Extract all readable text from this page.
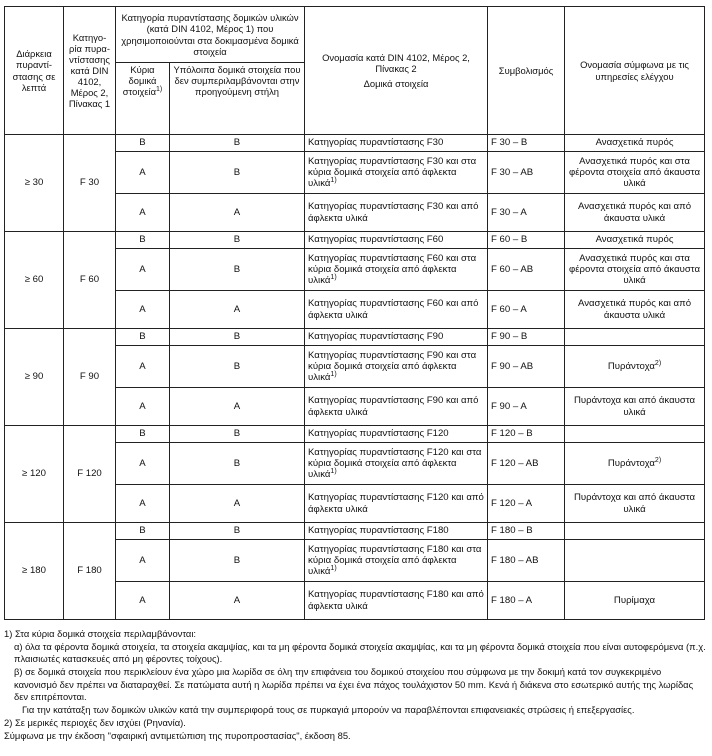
Διάρκεια πυραντί-στασης σε λεπτά	Κατηγο-ρία πυρα-ντίστασης κατά DIN 4102, Μέρος 2, Πίνακας 1	Κατηγορία πυραντίστασης δομικών υλικών (κατά DIN 4102, Μέρος 1) που χρησιμοποιούνται στα δοκιμασμένα δομικά στοιχεία		Ονομασία κατά DIN 4102, Μέρος 2, Πίνακας 2
Δομικά στοιχεία	Συμβολισμός	Ονομασία σύμφωνα με τις υπηρεσίες ελέγχου
		Κύρια δομικά στοιχεία$^{1)}$	Υπόλοιπα δομικά στοιχεία που δεν συμπεριλαμβάνονται στην προηγούμενη στήλη			
≥ 30	F 30	B	B	Κατηγορίας πυραντίστασης F30	F 30 – B	Ανασχετικά πυρός
		A	B	Κατηγορίας πυραντίστασης F30 και στα κύρια δομικά στοιχεία από άφλεκτα υλικά$^{1)}$	F 30 – AB	Ανασχετικά πυρός και στα φέροντα στοιχεία από άκαυστα υλικά
		A	A	Κατηγορίας πυραντίστασης F30 και από άφλεκτα υλικά	F 30 – A	Ανασχετικά πυρός και από άκαυστα υλικά
≥ 60	F 60	B	B	Κατηγορίας πυραντίστασης F60	F 60 – B	Ανασχετικά πυρός
		A	B	Κατηγορίας πυραντίστασης F60 και στα κύρια δομικά στοιχεία από άφλεκτα υλικά$^{1)}$	F 60 – AB	Ανασχετικά πυρός και στα φέροντα στοιχεία από άκαυστα υλικά
		A	A	Κατηγορίας πυραντίστασης F60 και από άφλεκτα υλικά	F 60 – A	Ανασχετικά πυρός και από άκαυστα υλικά
≥ 90	F 90	B	B	Κατηγορίας πυραντίστασης F90	F 90 – B	
		A	B	Κατηγορίας πυραντίστασης F90 και στα κύρια δομικά στοιχεία από άφλεκτα υλικά$^{1)}$	F 90 – AB	Πυράντοχα$^{2)}$
		A	A	Κατηγορίας πυραντίστασης F90 και από άφλεκτα υλικά	F 90 – A	Πυράντοχα και από άκαυστα υλικά
≥ 120	F 120	B	B	Κατηγορίας πυραντίστασης F120	F 120 – B	
		A	B	Κατηγορίας πυραντίστασης F120 και στα κύρια δομικά στοιχεία από άφλεκτα υλικά$^{1)}$	F 120 – AB	Πυράντοχα$^{2)}$
		A	A	Κατηγορίας πυραντίστασης F120 και από άφλεκτα υλικά	F 120 – A	Πυράντοχα και από άκαυστα υλικά
≥ 180	F 180	B	B	Κατηγορίας πυραντίστασης F180	F 180 – B	
		A	B	Κατηγορίας πυραντίστασης F180 και στα κύρια δομικά στοιχεία από άφλεκτα υλικά$^{1)}$	F 180 – AB	
		A	A	Κατηγορίας πυραντίστασης F180 και από άφλεκτα υλικά	F 180 – A	Πυρίμαχα
1) Στα κύρια δομικά στοιχεία περιλαμβάνονται:
α) όλα τα φέροντα δομικά στοιχεία, τα στοιχεία ακαμψίας, και τα μη φέροντα δομικά στοιχεία ακαμψίας, και τα μη φέροντα δομικά στοιχεία που είναι αυτοφερόμενα (π.χ. πλαισιωτές κατασκευές από μη φέροντες τοίχους).
β) σε δομικά στοιχεία που περικλείουν ένα χώρο μια λωρίδα σε όλη την επιφάνεια του δομικού στοιχείου που σύμφωνα με την δοκιμή κατά τον συγκεκριμένο κανονισμό δεν πρέπει να διαταραχθεί. Σε πατώματα αυτή η λωρίδα πρέπει να έχει ένα πάχος τουλάχιστον 50 mm. Κενά ή διάκενα στο εσωτερικό αυτής της λωρίδας δεν επιτρέπονται.
Για την κατάταξη των δομικών υλικών κατά την συμπεριφορά τους σε πυρκαγιά μπορούν να παραβλέπονται επιφανειακές στρώσεις ή επεξεργασίες.
2) Σε μερικές περιοχές δεν ισχύει (Ρηνανία).
Σύμφωνα με την έκδοση "σφαιρική αντιμετώπιση της πυροπροστασίας", έκδοση 85.
